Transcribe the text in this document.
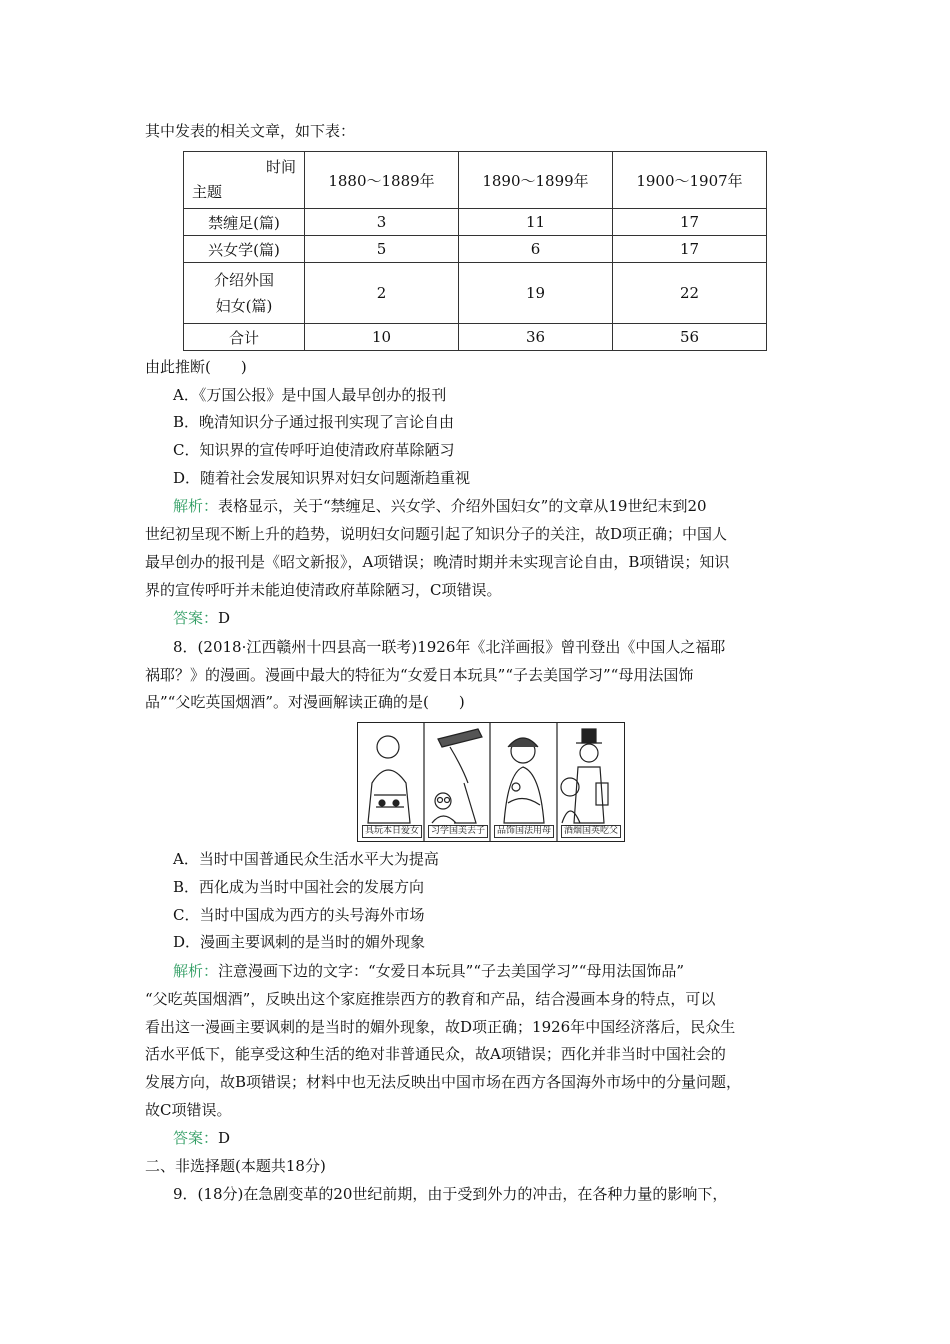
其中发表的相关文章，如下表：
时间
主题	1880～1889年	1890～1899年	1900～1907年
禁缠足(篇)	3	11	17
兴女学(篇)	5	6	17

介绍外国
妇女(篇)	2	19	22
合计	10	36	56
由此推断(　　)
A．《万国公报》是中国人最早创办的报刊
B．晚清知识分子通过报刊实现了言论自由
C．知识界的宣传呼吁迫使清政府革除陋习
D．随着社会发展知识界对妇女问题渐趋重视
解析：表格显示，关于“禁缠足、兴女学、介绍外国妇女”的文章从19世纪末到20
世纪初呈现不断上升的趋势，说明妇女问题引起了知识分子的关注，故D项正确；中国人
最早创办的报刊是《昭文新报》，A项错误；晚清时期并未实现言论自由，B项错误；知识
界的宣传呼吁并未能迫使清政府革除陋习，C项错误。
答案：D
8．(2018·江西赣州十四县高一联考)1926年《北洋画报》曾刊登出《中国人之福耶
祸耶？》的漫画。漫画中最大的特征为“女爱日本玩具”“子去美国学习”“母用法国饰
品”“父吃英国烟酒”。对漫画解读正确的是(　　)
具玩本日爱女	习学国美去子	品饰国法用母	酒烟国英吃父
A．当时中国普通民众生活水平大为提高
B．西化成为当时中国社会的发展方向
C．当时中国成为西方的头号海外市场
D．漫画主要讽刺的是当时的媚外现象
解析：注意漫画下边的文字：“女爱日本玩具”“子去美国学习”“母用法国饰品”
“父吃英国烟酒”，反映出这个家庭推崇西方的教育和产品，结合漫画本身的特点，可以
看出这一漫画主要讽刺的是当时的媚外现象，故D项正确；1926年中国经济落后，民众生
活水平低下，能享受这种生活的绝对非普通民众，故A项错误；西化并非当时中国社会的
发展方向，故B项错误；材料中也无法反映出中国市场在西方各国海外市场中的分量问题，
故C项错误。
答案：D
二、非选择题(本题共18分)
9．(18分)在急剧变革的20世纪前期，由于受到外力的冲击，在各种力量的影响下，
